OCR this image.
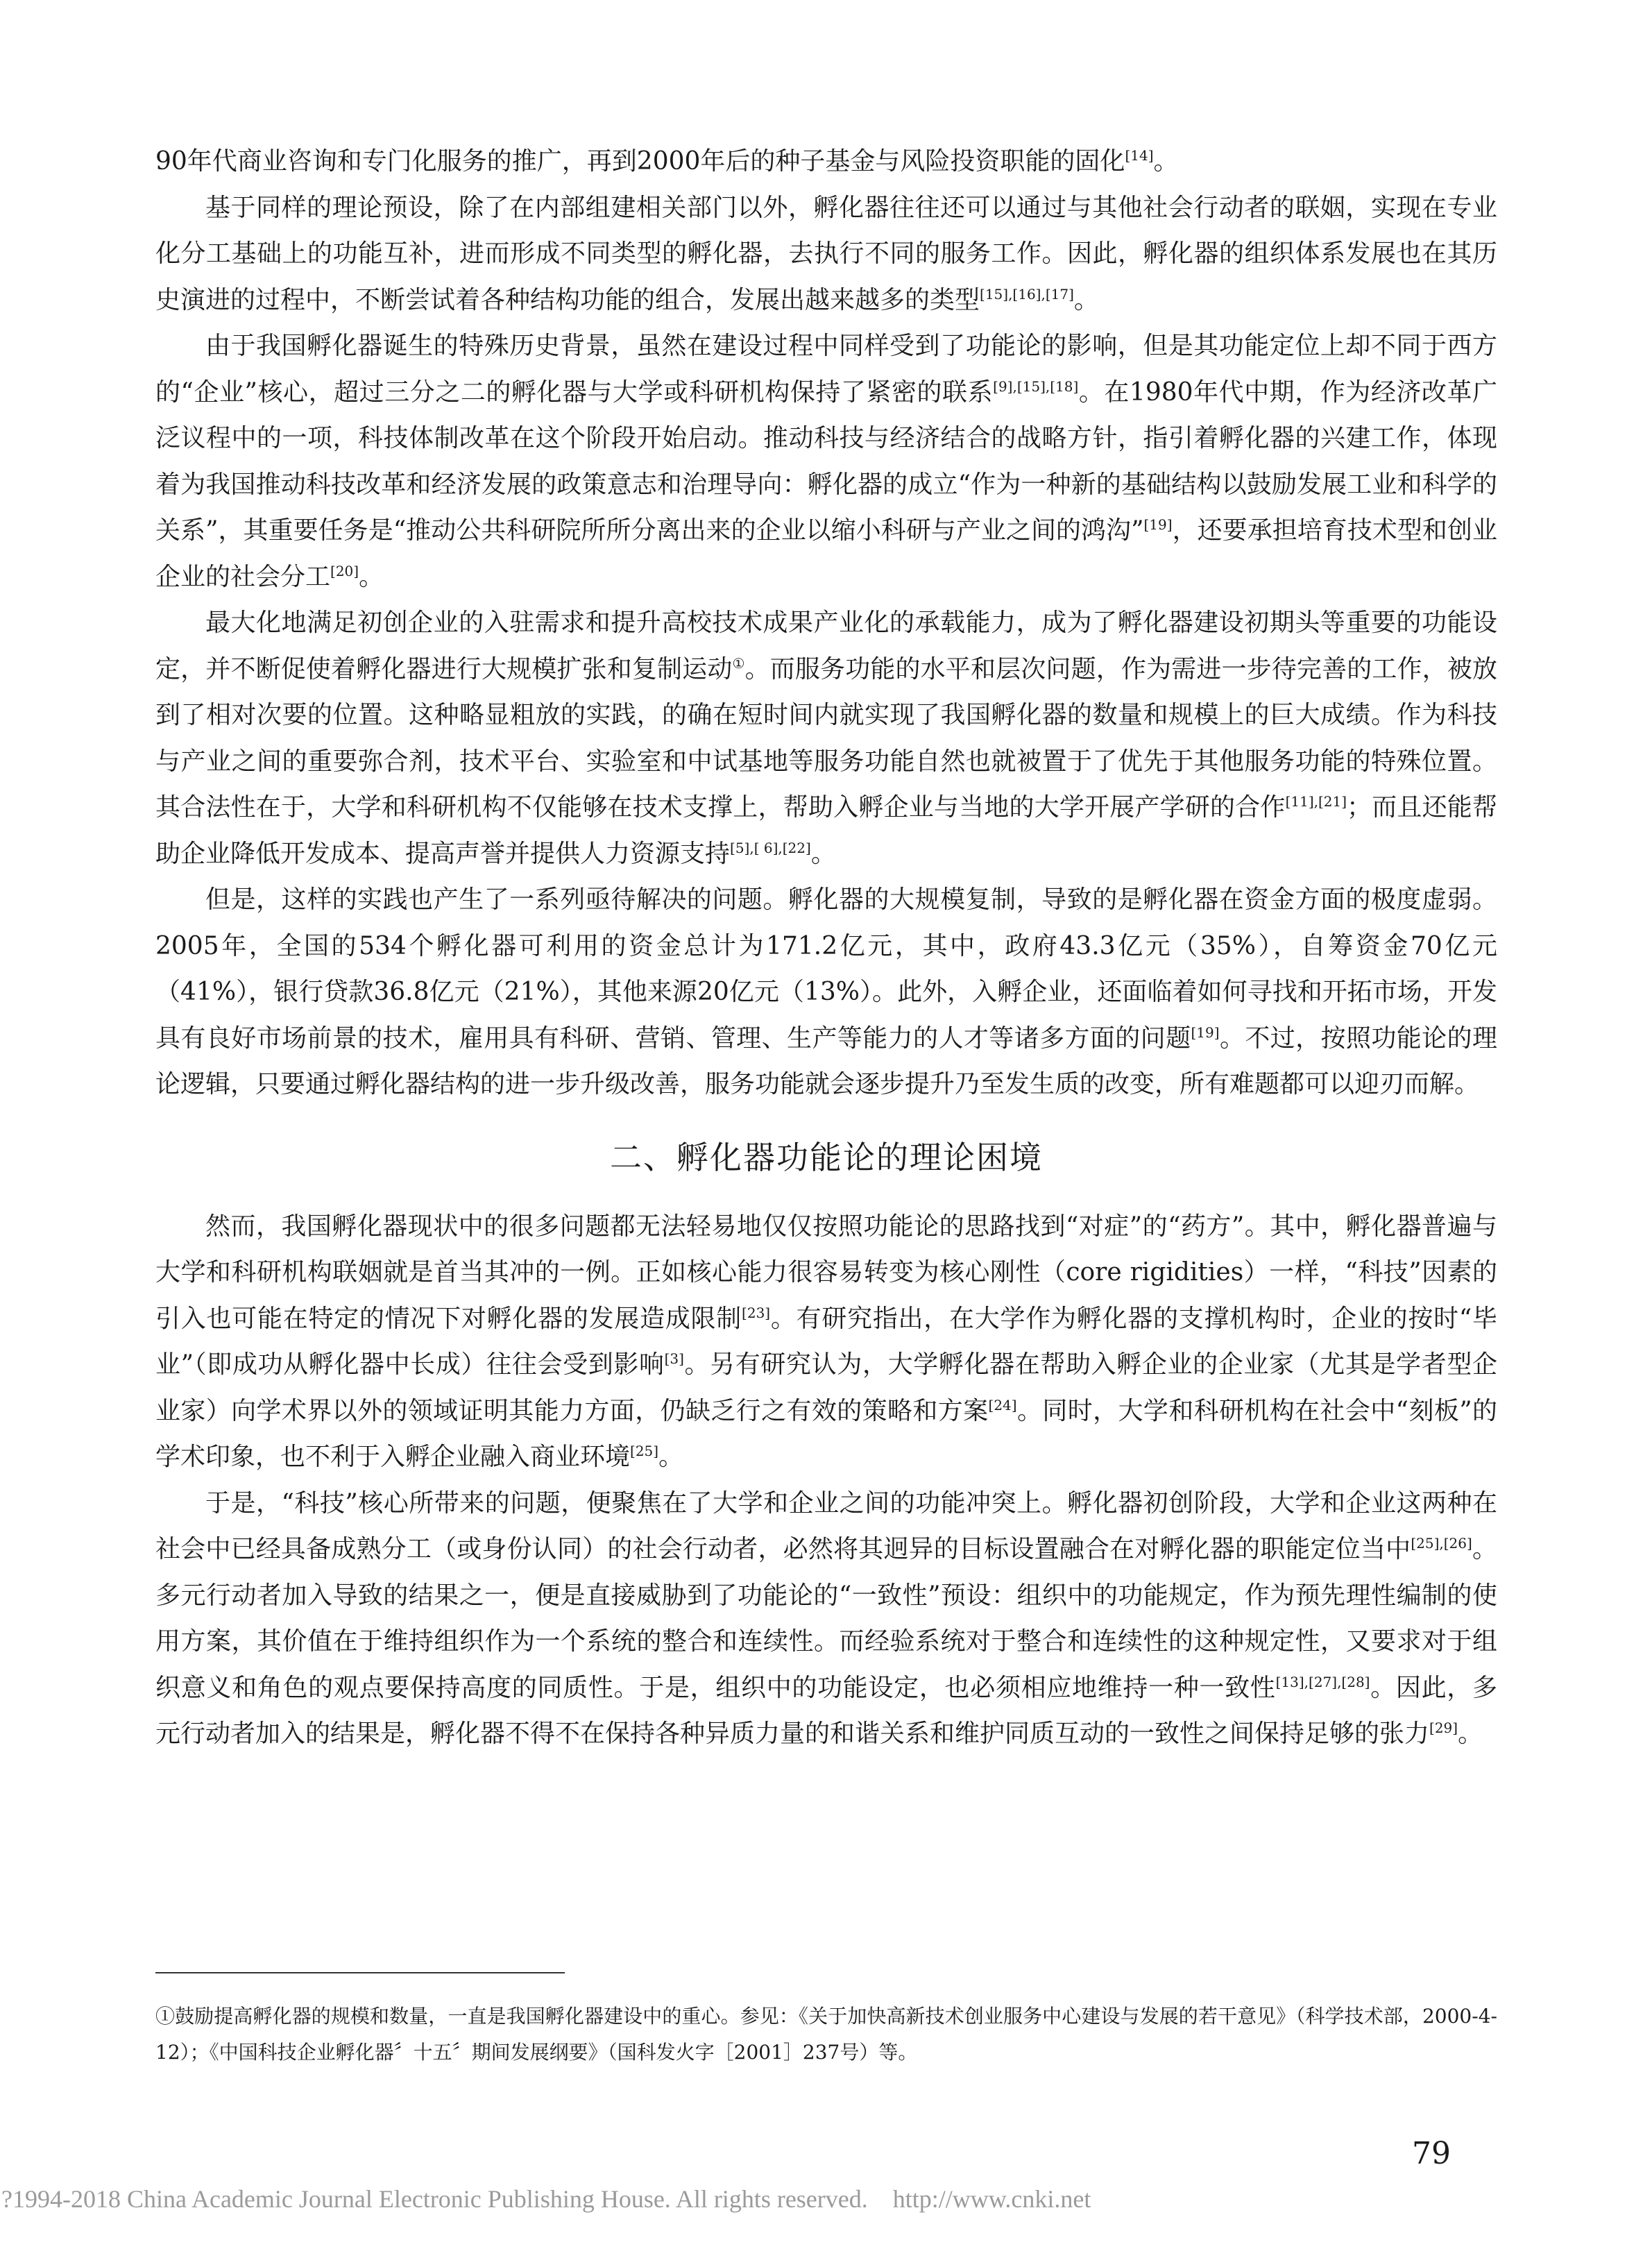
90年代商业咨询和专门化服务的推广，再到2000年后的种子基金与风险投资职能的固化[14]。

基于同样的理论预设，除了在内部组建相关部门以外，孵化器往往还可以通过与其他社会行动者的联姻，实现在专业化分工基础上的功能互补，进而形成不同类型的孵化器，去执行不同的服务工作。因此，孵化器的组织体系发展也在其历史演进的过程中，不断尝试着各种结构功能的组合，发展出越来越多的类型[15],[16],[17]。

由于我国孵化器诞生的特殊历史背景，虽然在建设过程中同样受到了功能论的影响，但是其功能定位上却不同于西方的“企业”核心，超过三分之二的孵化器与大学或科研机构保持了紧密的联系[9],[15],[18]。在1980年代中期，作为经济改革广泛议程中的一项，科技体制改革在这个阶段开始启动。推动科技与经济结合的战略方针，指引着孵化器的兴建工作，体现着为我国推动科技改革和经济发展的政策意志和治理导向：孵化器的成立“作为一种新的基础结构以鼓励发展工业和科学的关系”，其重要任务是“推动公共科研院所所分离出来的企业以缩小科研与产业之间的鸿沟”[19]，还要承担培育技术型和创业企业的社会分工[20]。

最大化地满足初创企业的入驻需求和提升高校技术成果产业化的承载能力，成为了孵化器建设初期头等重要的功能设定，并不断促使着孵化器进行大规模扩张和复制运动①。而服务功能的水平和层次问题，作为需进一步待完善的工作，被放到了相对次要的位置。这种略显粗放的实践，的确在短时间内就实现了我国孵化器的数量和规模上的巨大成绩。作为科技与产业之间的重要弥合剂，技术平台、实验室和中试基地等服务功能自然也就被置于了优先于其他服务功能的特殊位置。其合法性在于，大学和科研机构不仅能够在技术支撑上，帮助入孵企业与当地的大学开展产学研的合作[11],[21]；而且还能帮助企业降低开发成本、提高声誉并提供人力资源支持[5],[ 6],[22]。

但是，这样的实践也产生了一系列亟待解决的问题。孵化器的大规模复制，导致的是孵化器在资金方面的极度虚弱。2005年，全国的534个孵化器可利用的资金总计为171.2亿元，其中，政府43.3亿元（35%），自筹资金70亿元（41%），银行贷款36.8亿元（21%），其他来源20亿元（13%）。此外，入孵企业，还面临着如何寻找和开拓市场，开发具有良好市场前景的技术，雇用具有科研、营销、管理、生产等能力的人才等诸多方面的问题[19]。不过，按照功能论的理论逻辑，只要通过孵化器结构的进一步升级改善，服务功能就会逐步提升乃至发生质的改变，所有难题都可以迎刃而解。

二、孵化器功能论的理论困境

然而，我国孵化器现状中的很多问题都无法轻易地仅仅按照功能论的思路找到“对症”的“药方”。其中，孵化器普遍与大学和科研机构联姻就是首当其冲的一例。正如核心能力很容易转变为核心刚性（core rigidities）一样，“科技”因素的引入也可能在特定的情况下对孵化器的发展造成限制[23]。有研究指出，在大学作为孵化器的支撑机构时，企业的按时“毕业”（即成功从孵化器中长成）往往会受到影响[3]。另有研究认为，大学孵化器在帮助入孵企业的企业家（尤其是学者型企业家）向学术界以外的领域证明其能力方面，仍缺乏行之有效的策略和方案[24]。同时，大学和科研机构在社会中“刻板”的学术印象，也不利于入孵企业融入商业环境[25]。

于是，“科技”核心所带来的问题，便聚焦在了大学和企业之间的功能冲突上。孵化器初创阶段，大学和企业这两种在社会中已经具备成熟分工（或身份认同）的社会行动者，必然将其迥异的目标设置融合在对孵化器的职能定位当中[25],[26]。多元行动者加入导致的结果之一，便是直接威胁到了功能论的“一致性”预设：组织中的功能规定，作为预先理性编制的使用方案，其价值在于维持组织作为一个系统的整合和连续性。而经验系统对于整合和连续性的这种规定性，又要求对于组织意义和角色的观点要保持高度的同质性。于是，组织中的功能设定，也必须相应地维持一种一致性[13],[27],[28]。因此，多元行动者加入的结果是，孵化器不得不在保持各种异质力量的和谐关系和维护同质互动的一致性之间保持足够的张力[29]。

①鼓励提高孵化器的规模和数量，一直是我国孵化器建设中的重心。参见：《关于加快高新技术创业服务中心建设与发展的若干意见》（科学技术部，2000-4-12）；《中国科技企业孵化器〞十五〞期间发展纲要》（国科发火字［2001］237号）等。
79
?1994-2018 China Academic Journal Electronic Publishing House. All rights reserved.    http://www.cnki.net
